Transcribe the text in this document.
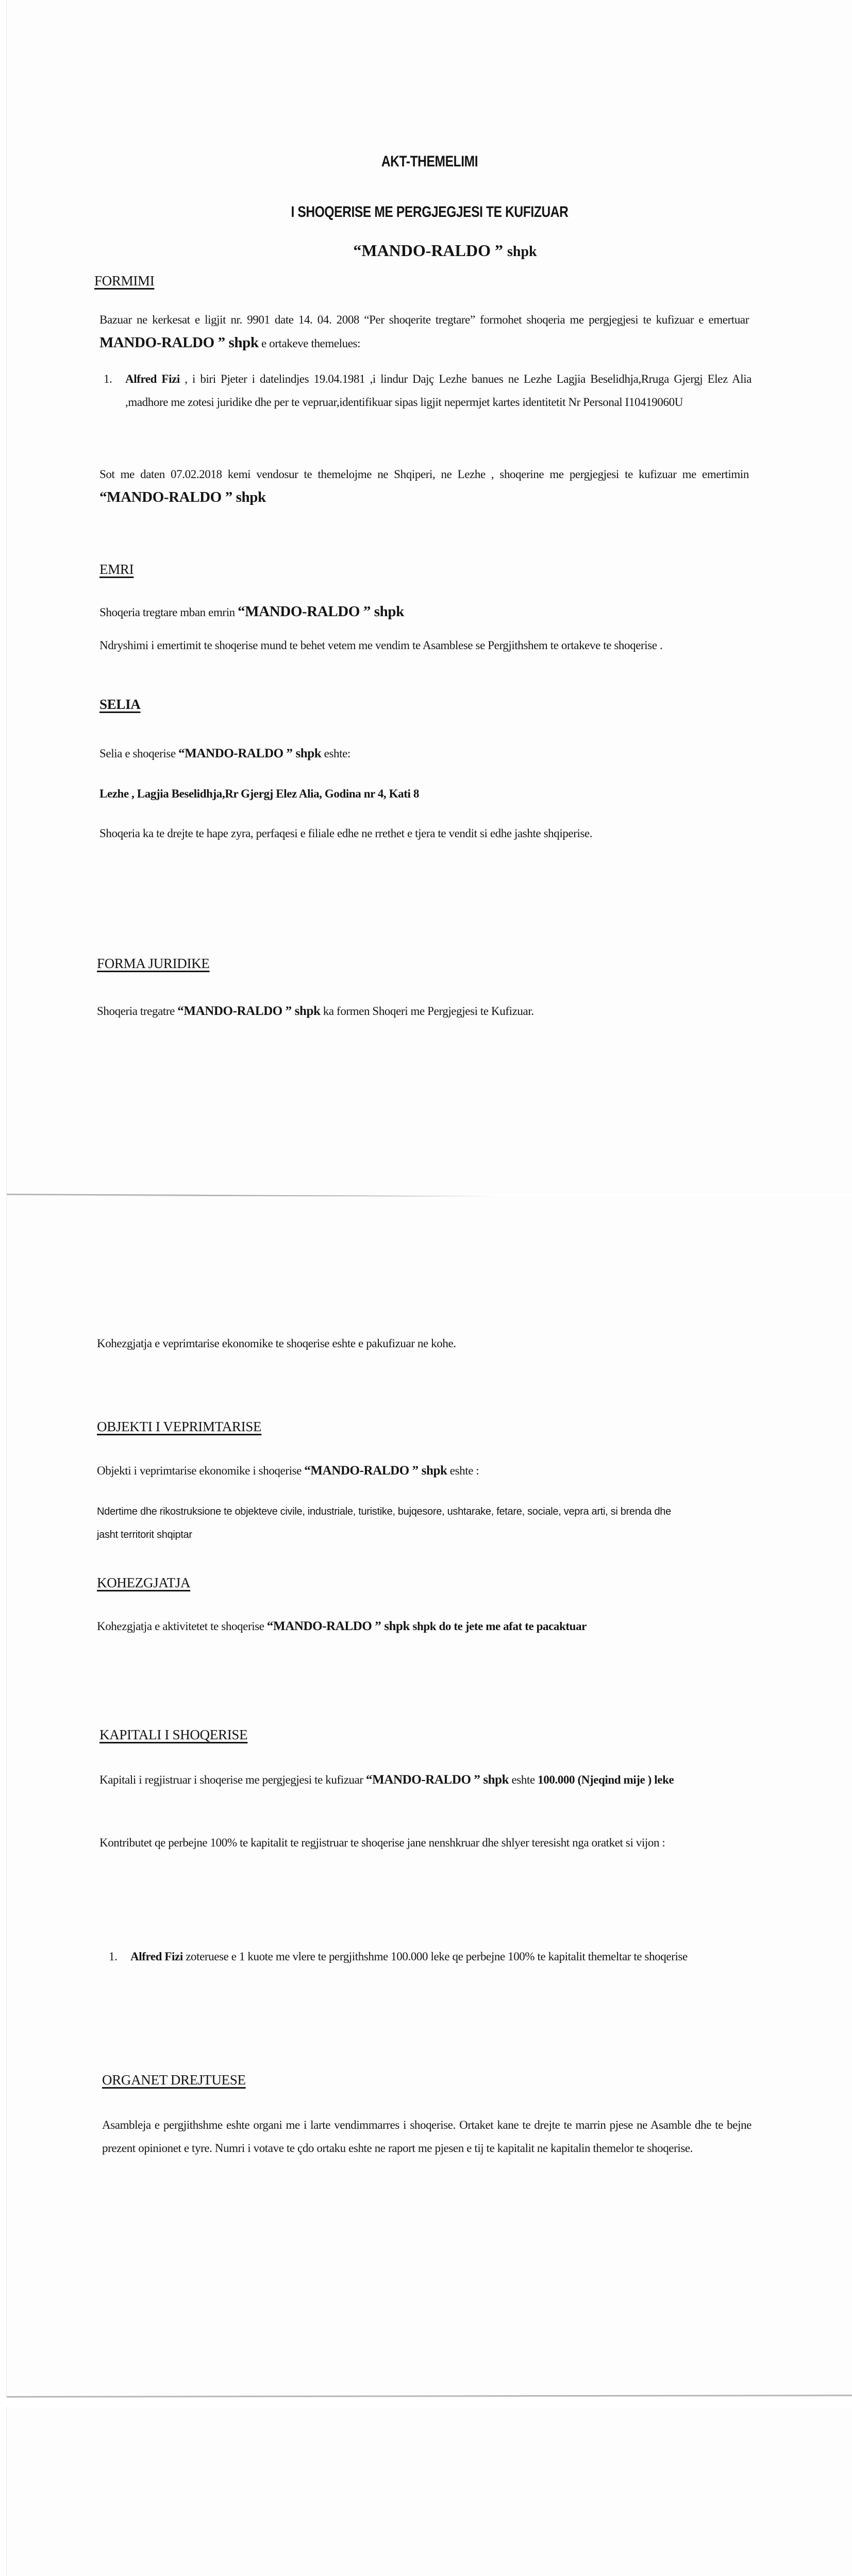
AKT-THEMELIMI
I SHOQERISE ME PERGJEGJESI TE KUFIZUAR
“MANDO-RALDO ” shpk
FORMIMI
Bazuar ne kerkesat e ligjit nr. 9901 date 14. 04. 2008 “Per shoqerite tregtare” formohet shoqeria me pergjegjesi te kufizuar e emertuar MANDO-RALDO ” shpk e ortakeve themelues:
1. Alfred Fizi , i biri Pjeter i datelindjes 19.04.1981 ,i lindur Dajç Lezhe banues ne Lezhe Lagjia Beselidhja,Rruga Gjergj Elez Alia ,madhore me zotesi juridike dhe per te vepruar,identifikuar sipas ligjit nepermjet kartes identitetit Nr Personal I10419060U
Sot me daten 07.02.2018 kemi vendosur te themelojme ne Shqiperi, ne Lezhe , shoqerine me pergjegjesi te kufizuar me emertimin “MANDO-RALDO ” shpk
EMRI
Shoqeria tregtare mban emrin “MANDO-RALDO ” shpk
Ndryshimi i emertimit te shoqerise mund te behet vetem me vendim te Asamblese se Pergjithshem te ortakeve te shoqerise .
SELIA
Selia e shoqerise “MANDO-RALDO ” shpk eshte:
Lezhe , Lagjia Beselidhja,Rr Gjergj Elez Alia, Godina nr 4, Kati 8
Shoqeria ka te drejte te hape zyra, perfaqesi e filiale edhe ne rrethet e tjera te vendit si edhe jashte shqiperise.
FORMA JURIDIKE
Shoqeria tregatre “MANDO-RALDO ” shpk ka formen Shoqeri me Pergjegjesi te Kufizuar.
Kohezgjatja e veprimtarise ekonomike te shoqerise eshte e pakufizuar ne kohe.
OBJEKTI I VEPRIMTARISE
Objekti i veprimtarise ekonomike i shoqerise “MANDO-RALDO ” shpk eshte :
Ndertime dhe rikostruksione te objekteve civile, industriale, turistike, bujqesore, ushtarake, fetare, sociale, vepra arti, si brenda dhe jasht territorit shqiptar
KOHEZGJATJA
Kohezgjatja e aktivitetet te shoqerise “MANDO-RALDO ” shpk shpk do te jete me afat te pacaktuar
KAPITALI I SHOQERISE
Kapitali i regjistruar i shoqerise me pergjegjesi te kufizuar “MANDO-RALDO ” shpk eshte 100.000 (Njeqind mije ) leke
Kontributet qe perbejne 100% te kapitalit te regjistruar te shoqerise jane nenshkruar dhe shlyer teresisht nga oratket si vijon :
1. Alfred Fizi zoteruese e 1 kuote me vlere te pergjithshme 100.000 leke qe perbejne 100% te kapitalit themeltar te shoqerise
ORGANET DREJTUESE
Asambleja e pergjithshme eshte organi me i larte vendimmarres i shoqerise. Ortaket kane te drejte te marrin pjese ne Asamble dhe te bejne prezent opinionet e tyre. Numri i votave te çdo ortaku eshte ne raport me pjesen e tij te kapitalit ne kapitalin themelor te shoqerise.
